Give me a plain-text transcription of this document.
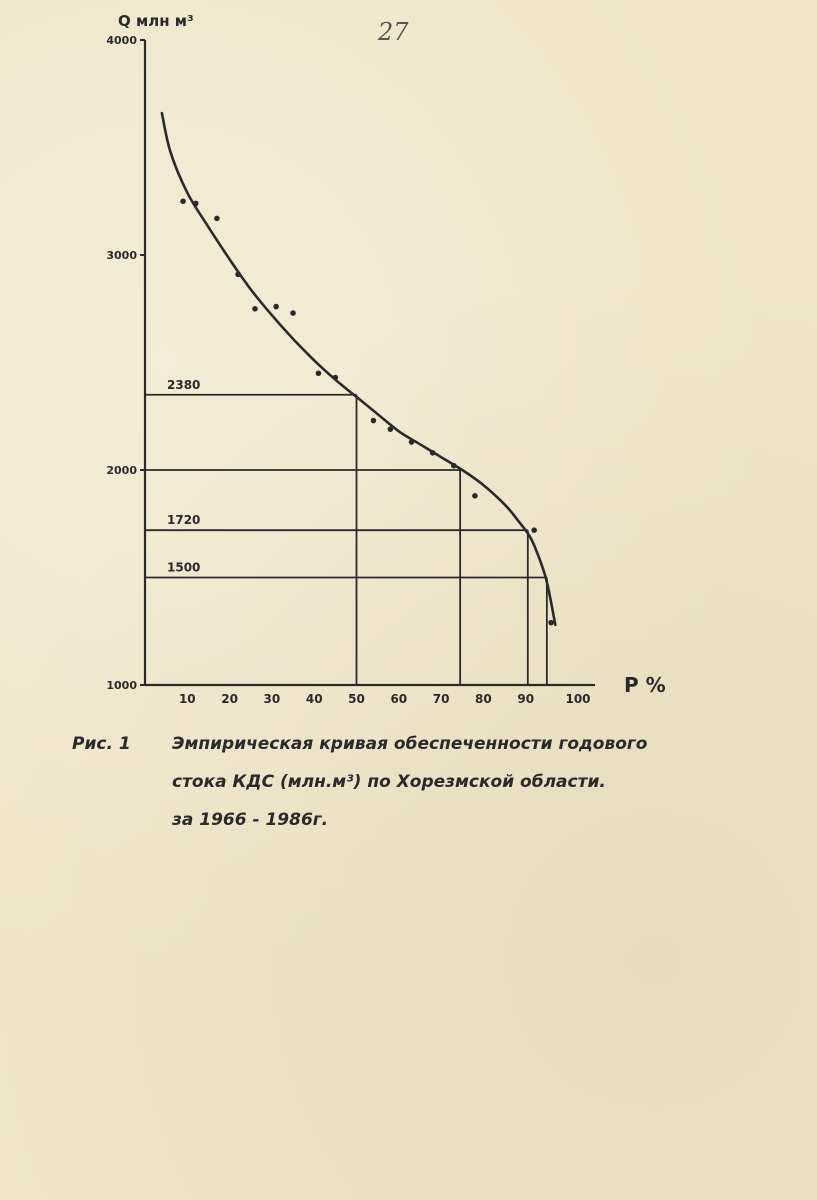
27
2380
1720
1500
1000
2000
3000
4000
10 20 30 40 50 60 70 80 90	100
Q млн м³
P %
Рис. 1 Эмпирическая кривая обеспеченности годового
стока КДС (млн.м³) по Хорезмской области.
за 1966 - 1986г.
